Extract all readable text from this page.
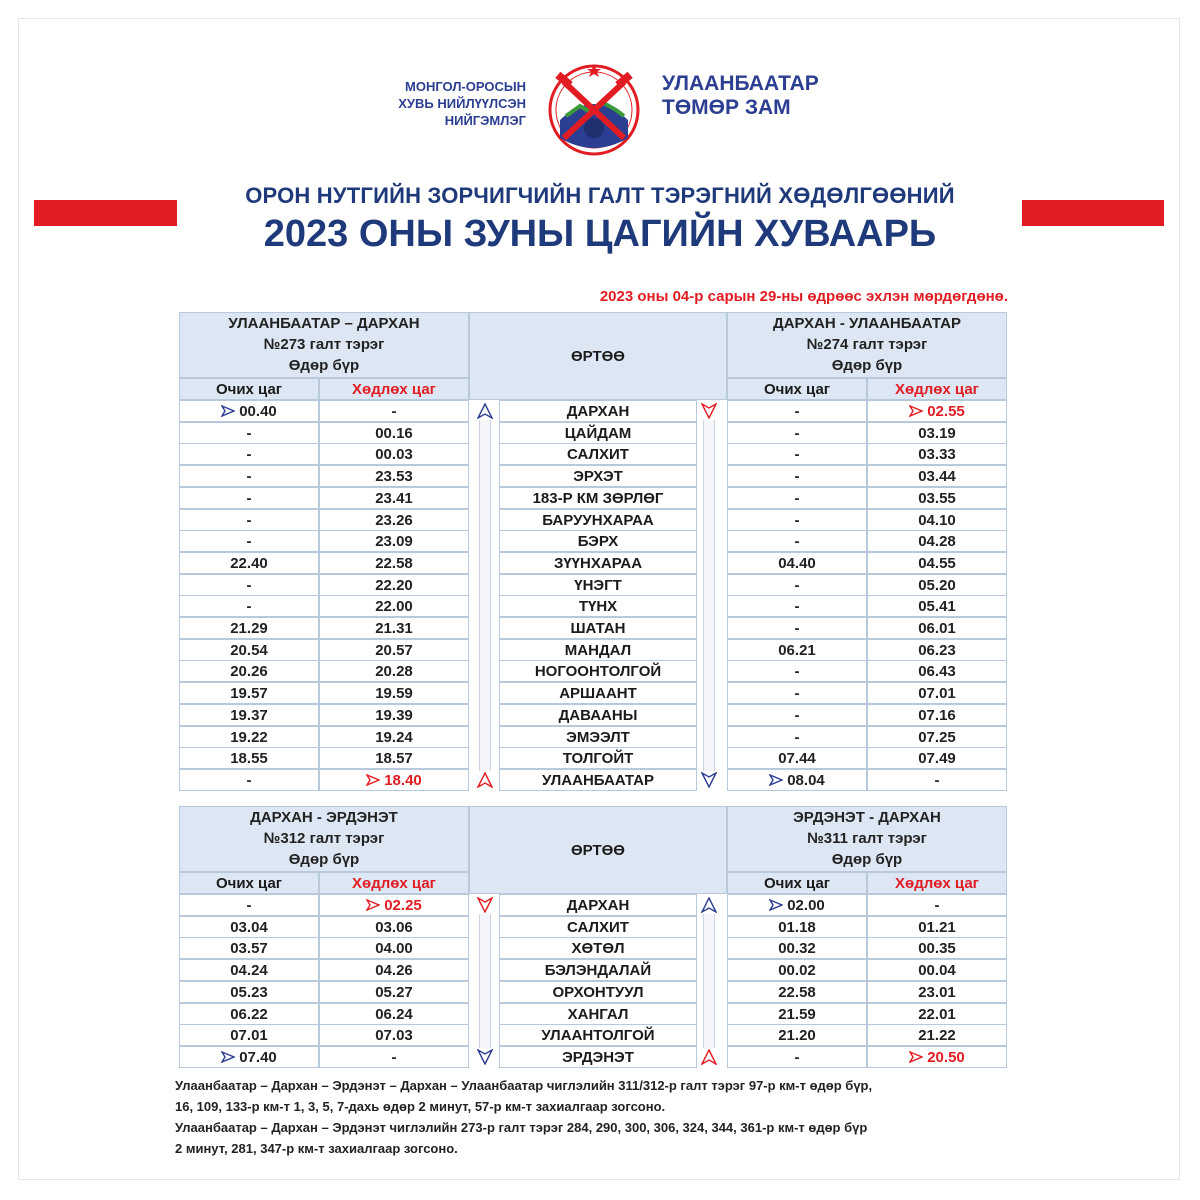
МОНГОЛ-ОРОСЫН
ХУВЬ НИЙЛҮҮЛСЭН
НИЙГЭМЛЭГ
УЛААНБААТАР
ТӨМӨР ЗАМ
ОРОН НУТГИЙН ЗОРЧИГЧИЙН ГАЛТ ТЭРЭГНИЙ ХӨДӨЛГӨӨНИЙ
2023 ОНЫ ЗУНЫ ЦАГИЙН ХУВААРЬ
2023 оны 04-р сарын 29-ны өдрөөс эхлэн мөрдөгдөнө.
УЛААНБААТАР – ДАРХАН
№273 галт тэрэг
Өдөр бүр
ӨРТӨӨ
ДАРХАН - УЛААНБААТАР
№274 галт тэрэг
Өдөр бүр
Очих цаг	Хөдлөх цаг	Очих цаг	Хөдлөх цаг
00.40	-	ДАРХАН	-	02.55
-	00.16	ЦАЙДАМ	-	03.19
-	00.03	САЛХИТ	-	03.33
-	23.53	ЭРХЭТ	-	03.44
-	23.41	183-Р КМ ЗӨРЛӨГ	-	03.55
-	23.26	БАРУУНХАРАА	-	04.10
-	23.09	БЭРХ	-	04.28
22.40	22.58	ЗҮҮНХАРАА	04.40	04.55
-	22.20	ҮНЭГТ	-	05.20
-	22.00	ТҮНХ	-	05.41
21.29	21.31	ШАТАН	-	06.01
20.54	20.57	МАНДАЛ	06.21	06.23
20.26	20.28	НОГООНТОЛГОЙ	-	06.43
19.57	19.59	АРШААНТ	-	07.01
19.37	19.39	ДАВААНЫ	-	07.16
19.22	19.24	ЭМЭЭЛТ	-	07.25
18.55	18.57	ТОЛГОЙТ	07.44	07.49
-	18.40	УЛААНБААТАР	08.04	-
ДАРХАН - ЭРДЭНЭТ
№312 галт тэрэг
Өдөр бүр
ӨРТӨӨ
ЭРДЭНЭТ - ДАРХАН
№311 галт тэрэг
Өдөр бүр
Очих цаг	Хөдлөх цаг	Очих цаг	Хөдлөх цаг
-	02.25	ДАРХАН	02.00	-
03.04	03.06	САЛХИТ	01.18	01.21
03.57	04.00	ХӨТӨЛ	00.32	00.35
04.24	04.26	БЭЛЭНДАЛАЙ	00.02	00.04
05.23	05.27	ОРХОНТУУЛ	22.58	23.01
06.22	06.24	ХАНГАЛ	21.59	22.01
07.01	07.03	УЛААНТОЛГОЙ	21.20	21.22
07.40	-	ЭРДЭНЭТ	-	20.50
Улаанбаатар – Дархан – Эрдэнэт – Дархан – Улаанбаатар чиглэлийн 311/312-р галт тэрэг 97-р км-т өдөр бүр,
16, 109, 133-р км-т 1, 3, 5, 7-дахь өдөр 2 минут, 57-р км-т захиалгаар зогсоно.
Улаанбаатар – Дархан – Эрдэнэт чиглэлийн 273-р галт тэрэг 284, 290, 300, 306, 324, 344, 361-р км-т өдөр бүр
2 минут, 281, 347-р км-т захиалгаар зогсоно.
